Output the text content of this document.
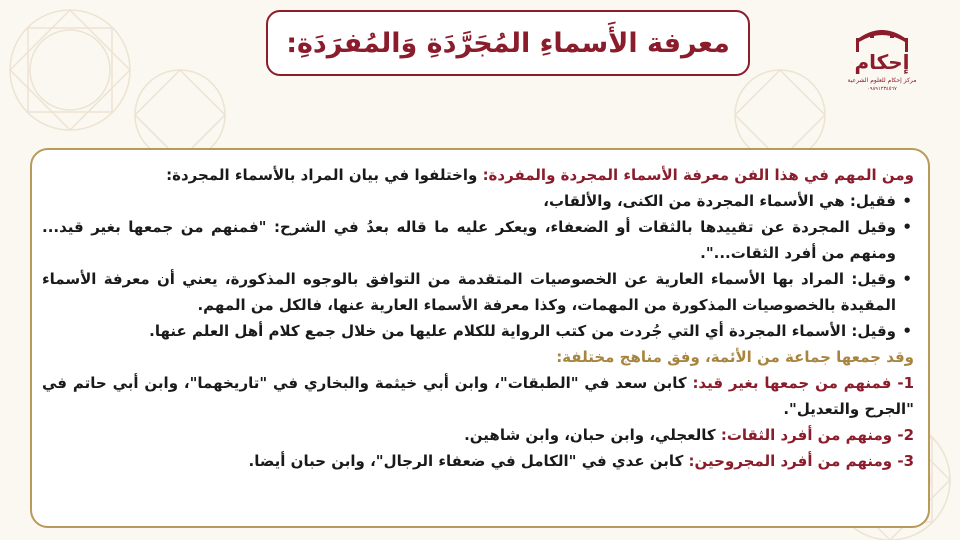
معرفة الأَسماءِ المُجَرَّدَةِ وَالمُفرَدَةِ:
إحكام
مركز إحكام للعلوم الشرعية
٠٩٨٩١٢٣٤٥٦٧

ومن المهم في هذا الفن معرفة الأسماء المجردة والمفردة: واختلفوا في بيان المراد بالأسماء المجردة:

• فقيل: هي الأسماء المجردة من الكنى، والألقاب،
• وقيل المجردة عن تقييدها بالثقات أو الضعفاء، ويعكر عليه ما قاله بعدُ في الشرح: "فمنهم من جمعها بغير قيد... ومنهم من أفرد الثقات...".
• وقيل: المراد بها الأسماء العارية عن الخصوصيات المتقدمة من التوافق بالوجوه المذكورة، يعني أن معرفة الأسماء المقيدة بالخصوصيات المذكورة من المهمات، وكذا معرفة الأسماء العارية عنها، فالكل من المهم.
• وقيل: الأسماء المجردة أي التي جُردت من كتب الرواية للكلام عليها من خلال جمع كلام أهل العلم عنها.

وقد جمعها جماعة من الأئمة، وفق مناهج مختلفة:

1- فمنهم من جمعها بغير قيد: كابن سعد في "الطبقات"، وابن أبي خيثمة والبخاري في "تاريخهما"، وابن أبي حاتم في "الجرح والتعديل".

2- ومنهم من أفرد الثقات: كالعجلي، وابن حبان، وابن شاهين.

3- ومنهم من أفرد المجروحين: كابن عدي في "الكامل في ضعفاء الرجال"، وابن حبان أيضا.
